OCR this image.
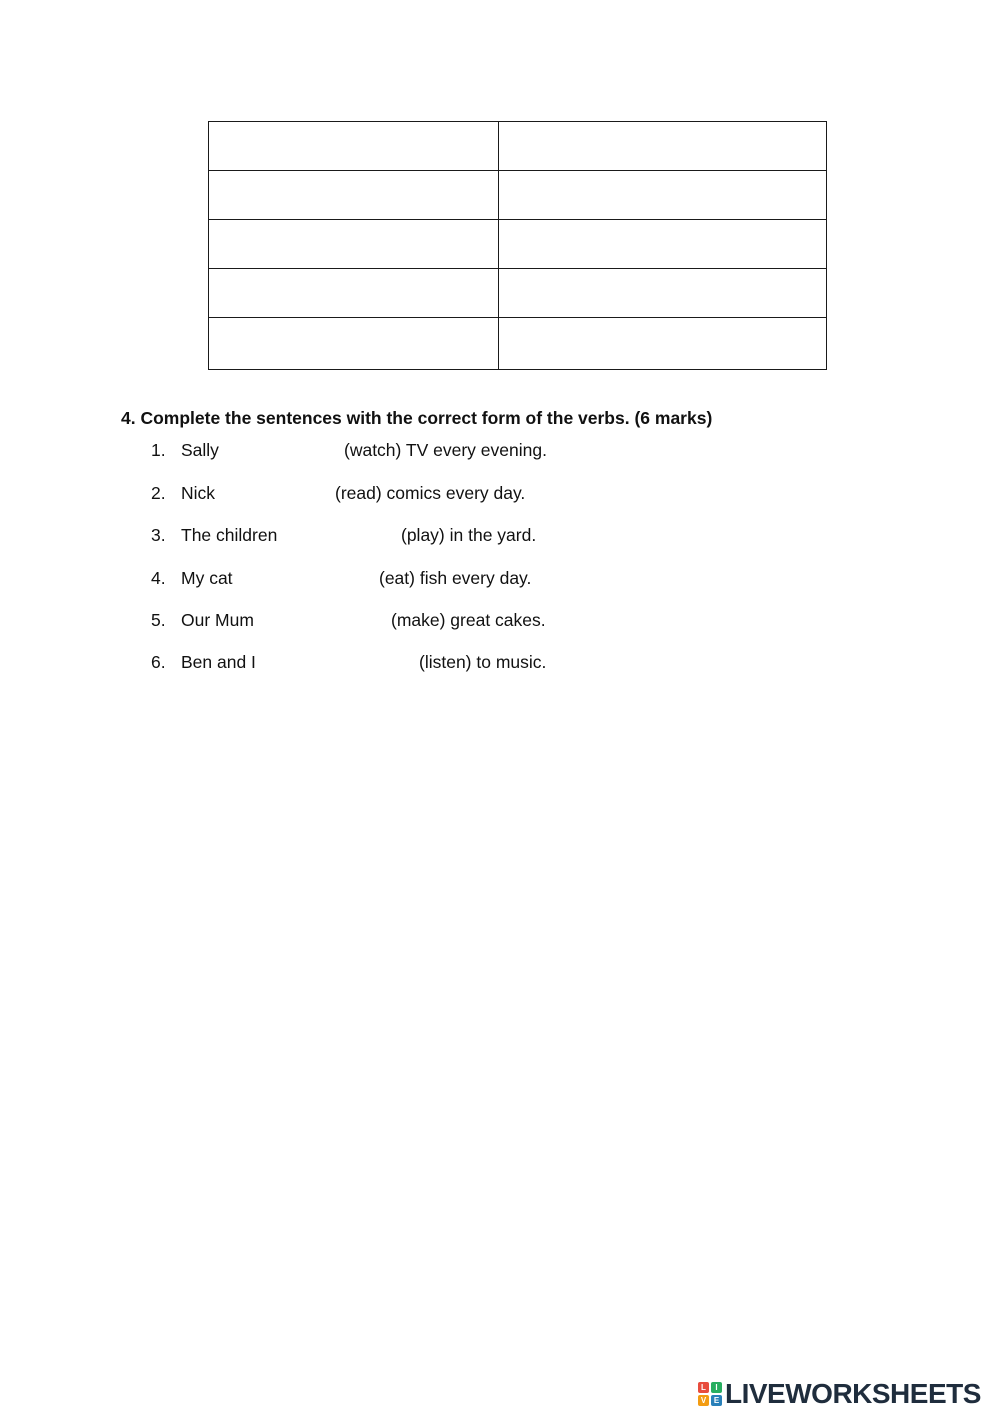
4. Complete the sentences with the correct form of the verbs. (6 marks)
1. Sally	(watch) TV every evening.
2. Nick	(read) comics every day.
3. The children	(play) in the yard.
4. My cat	(eat) fish every day.
5. Our Mum	(make) great cakes.
6. Ben and I	(listen) to music.
L	I
V E LIVEWORKSHEETS
